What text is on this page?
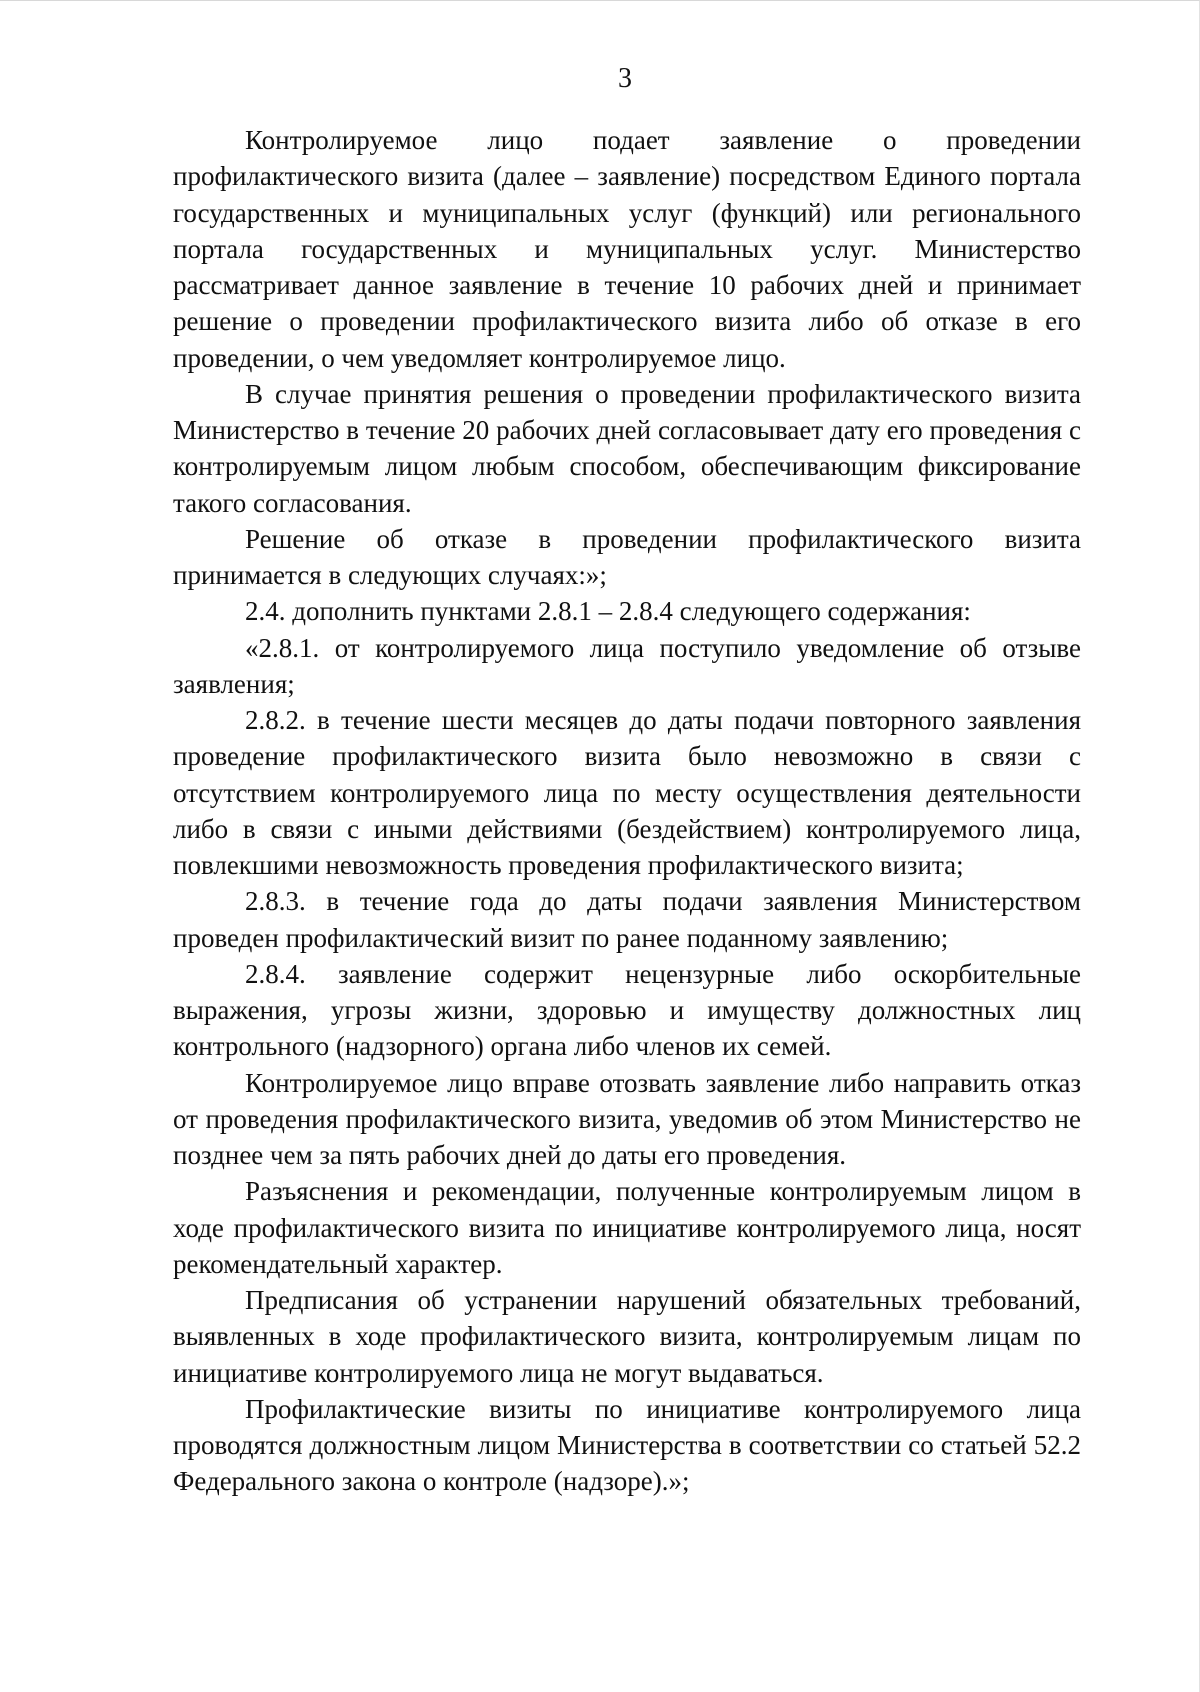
3

Контролируемое лицо подает заявление о проведении профилактического визита (далее – заявление) посредством Единого портала государственных и муниципальных услуг (функций) или регионального портала государственных и муниципальных услуг. Министерство рассматривает данное заявление в течение 10 рабочих дней и принимает решение о проведении профилактического визита либо об отказе в его проведении, о чем уведомляет контролируемое лицо.

В случае принятия решения о проведении профилактического визита Министерство в течение 20 рабочих дней согласовывает дату его проведения с контролируемым лицом любым способом, обеспечивающим фиксирование такого согласования.

Решение об отказе в проведении профилактического визита принимается в следующих случаях:»;

2.4. дополнить пунктами 2.8.1 – 2.8.4 следующего содержания:

«2.8.1. от контролируемого лица поступило уведомление об отзыве заявления;

2.8.2. в течение шести месяцев до даты подачи повторного заявления проведение профилактического визита было невозможно в связи с отсутствием контролируемого лица по месту осуществления деятельности либо в связи с иными действиями (бездействием) контролируемого лица, повлекшими невозможность проведения профилактического визита;

2.8.3. в течение года до даты подачи заявления Министерством проведен профилактический визит по ранее поданному заявлению;

2.8.4. заявление содержит нецензурные либо оскорбительные выражения, угрозы жизни, здоровью и имуществу должностных лиц контрольного (надзорного) органа либо членов их семей.

Контролируемое лицо вправе отозвать заявление либо направить отказ от проведения профилактического визита, уведомив об этом Министерство не позднее чем за пять рабочих дней до даты его проведения.

Разъяснения и рекомендации, полученные контролируемым лицом в ходе профилактического визита по инициативе контролируемого лица, носят рекомендательный характер.

Предписания об устранении нарушений обязательных требований, выявленных в ходе профилактического визита, контролируемым лицам по инициативе контролируемого лица не могут выдаваться.

Профилактические визиты по инициативе контролируемого лица проводятся должностным лицом Министерства в соответствии со статьей 52.2 Федерального закона о контроле (надзоре).»;
